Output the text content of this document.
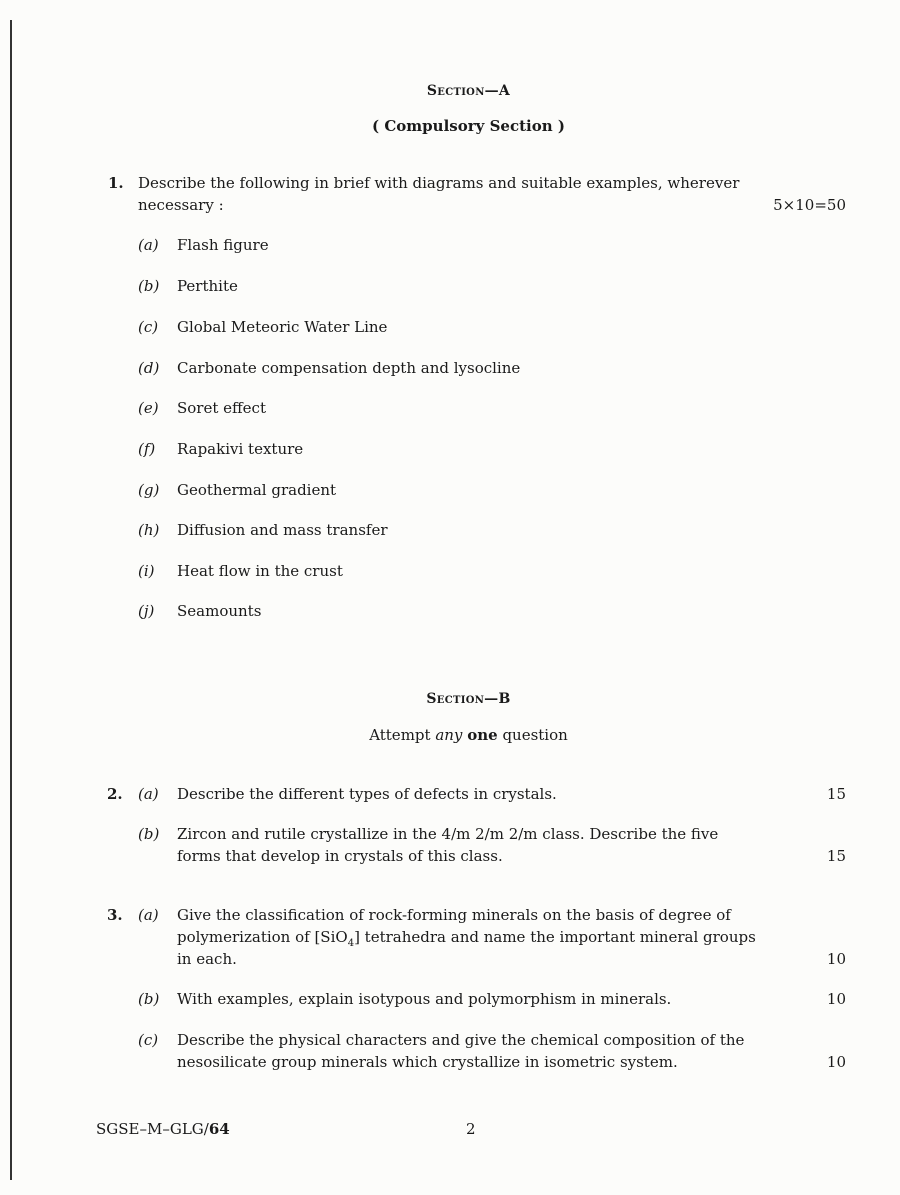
Section—A
( Compulsory Section )
1. Describe the following in brief with diagrams and suitable examples, wherever
necessary :	5×10=50
(a) Flash figure
(b) Perthite
(c) Global Meteoric Water Line
(d) Carbonate compensation depth and lysocline
(e) Soret effect
(f) Rapakivi texture
(g) Geothermal gradient
(h) Diffusion and mass transfer
(i) Heat flow in the crust
(j) Seamounts
Section—B
Attempt any one question
2. (a) Describe the different types of defects in crystals.	15
(b) Zircon and rutile crystallize in the 4/m 2/m 2/m class. Describe the five
forms that develop in crystals of this class.	15
3. (a) Give the classification of rock-forming minerals on the basis of degree of
polymerization of [SiO$_4$] tetrahedra and name the important mineral groups
in each.	10
(b) With examples, explain isotypous and polymorphism in minerals.	10
(c) Describe the physical characters and give the chemical composition of the
nesosilicate group minerals which crystallize in isometric system.	10
SGSE–M–GLG/64	2
